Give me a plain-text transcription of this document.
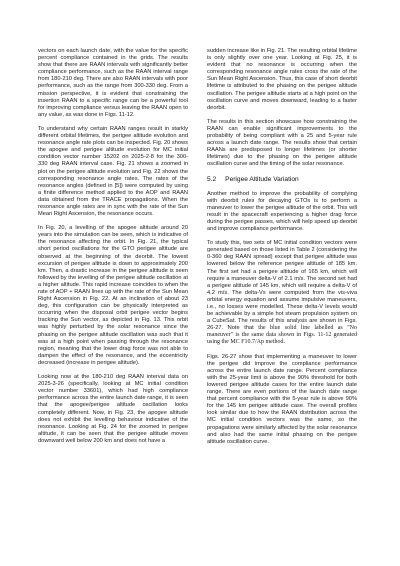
vectors on each launch date, with the value for the specific percent compliance contained in the grids. The results show that there are RAAN intervals with significantly better compliance performance, such as the RAAN interval range from 180-210 deg. There are also RAAN intervals with poor performance, such as the range from 300-330 deg. From a mission perspective, it is evident that constraining the insertion RAAN to a specific range can be a powerful tool for improving compliance versus leaving the RAAN open to any value, as was done in Figs. 11-12.

To understand why certain RAAN ranges result in starkly different orbital lifetimes, the perigee altitude evolution and resonance angle rate plots can be inspected. Fig. 20 shows the apogee and perigee altitude evolution for MC initial condition vector number 15202 on 2025-2-8 for the 300-330 deg RAAN interval case. Fig. 21 shows a zoomed in plot on the perigee altitude evolution and Fig. 22 shows the corresponding resonance angle rates. The rates of the resonance angles (defined in [5]) were computed by using a finite difference method applied to the AOP and RAAN data obtained from the TRACE propagations. When the resonance angle rates are in sync with the rate of the Sun Mean Right Ascension, the resonance occurs.

In Fig. 20, a levelling of the apogee altitude around 20 years into the simulation can be seen, which is indicative of the resonance affecting the orbit. In Fig. 21, the typical short period oscillations for the GTO perigee altitude are observed at the beginning of the deorbit. The lowest excursion of perigee altitude is down to approximately 200 km. Then, a drastic increase in the perigee altitude is seen followed by the levelling of the perigee altitude oscillation at a higher altitude. This rapid increase coincides to when the rate of AOP + RAAN lines up with the rate of the Sun Mean Right Ascension in Fig. 22. At an inclination of about 23 deg, this configuration can be physically interpreted as occurring when the disposal orbit perigee vector begins tracking the Sun vector, as depicted in Fig. 13. This orbit was highly perturbed by the solar resonance since the phasing on the perigee altitude oscillation was such that it was at a high point when passing through the resonance region, meaning that the lower drag force was not able to dampen the effect of the resonance, and the eccentricity decreased (increase in perigee altitude).

Looking now at the 180-210 deg RAAN interval data on 2025-3-26 (specifically, looking at MC initial condition vector number 33601), which had high compliance performance across the entire launch date range, it is seen that the apogee/perigee altitude oscillation looks completely different. Now, in Fig. 23, the apogee altitude does not exhibit the levelling behaviour indicative of the resonance. Looking at Fig. 24 for the zoomed in perigee altitude, it can be seen that the perigee altitude moves downward well below 200 km and does not have a

sudden increase like in Fig. 21. The resulting orbital lifetime is only slightly over one year. Looking at Fig. 25, it is evident that no resonance is occurring when the corresponding resonance angle rates cross the rate of the Sun Mean Right Ascension. Thus, this case of short deorbit lifetime is attributed to the phasing on the perigee altitude oscillation. The perigee altitude starts at a high point on the oscillation curve and moves downward, leading to a faster deorbit.

The results in this section showcase how constraining the RAAN can enable significant improvements to the probability of being compliant with a 25 and 5-year rule across a launch date range. The results show that certain RAANs are predisposed to longer lifetimes (or shorter lifetimes) due to the phasing on the perigee altitude oscillation curve and the timing of the solar resonance.

5.2 Perigee Altitude Variation

Another method to improve the probability of complying with deorbit rules for decaying GTOs is to perform a maneuver to lower the perigee altitude of the orbit. This will result in the spacecraft experiencing a higher drag force during the perigee passes, which will help speed up deorbit and improve compliance performance.

To study this, two sets of MC initial condition vectors were generated based on those listed in Table 2 (considering the 0-360 deg RAAN spread) except that perigee altitude was lowered below the reference perigee altitude of 185 km. The first set had a perigee altitude of 165 km, which will require a maneuver delta-V of 2.1 m/s. The second set had a perigee altitude of 145 km, which will require a delta-V of 4.2 m/s. The delta-Vs were computed from the vis-viva orbital energy equation and assume impulsive maneuvers, i.e., no losses were modelled. These delta-V levels would be achievable by a simple hot steam propulsion system on a CubeSat. The results of this analysis are shown in Figs. 26-27. Note that the blue solid line labelled as "No maneuver" is the same data shown in Figs. 11-12 generated using the MC F10.7/Ap method.

Figs. 26-27 show that implementing a maneuver to lower the perigee did improve the compliance performance across the entire launch date range. Percent compliance with the 25-year limit is above the 90% threshold for both lowered perigee altitude cases for the entire launch date range. There are even portions of the launch date range that percent compliance with the 5-year rule is above 90% for the 145 km perigee altitude case. The overall profiles look similar due to how the RAAN distribution across the MC initial condition vectors was the same, so the propagations were similarly affected by the solar resonance and also had the same initial phasing on the perigee altitude oscillation curve.
